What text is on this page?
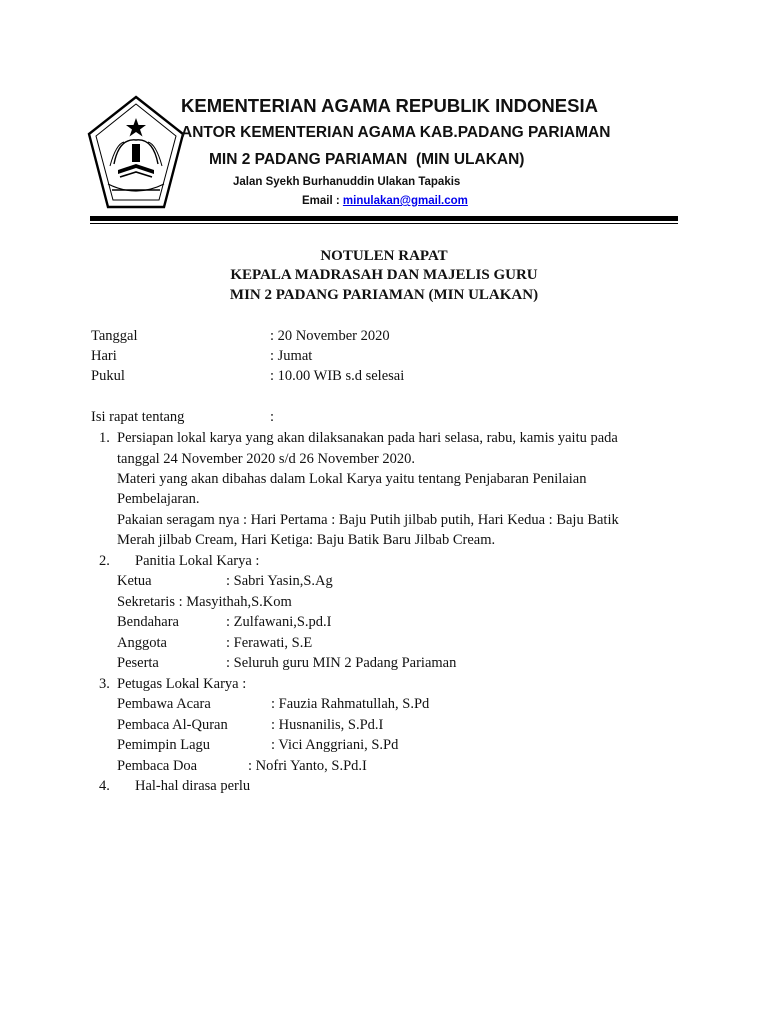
KEMENTERIAN AGAMA REPUBLIK INDONESIA
ANTOR KEMENTERIAN AGAMA KAB.PADANG PARIAMAN
MIN 2 PADANG PARIAMAN  (MIN ULAKAN)
Jalan Syekh Burhanuddin Ulakan Tapakis
Email : minulakan@gmail.com
NOTULEN RAPAT
KEPALA MADRASAH DAN MAJELIS GURU
MIN 2 PADANG PARIAMAN (MIN ULAKAN)
Tanggal	: 20 November 2020
Hari	: Jumat
Pukul	: 10.00 WIB s.d selesai
Isi rapat tentang	:
1. Persiapan lokal karya yang akan dilaksanakan pada hari selasa, rabu, kamis yaitu pada
tanggal 24 November 2020 s/d 26 November 2020.
Materi yang akan dibahas dalam Lokal Karya yaitu tentang Penjabaran Penilaian
Pembelajaran.
Pakaian seragam nya : Hari Pertama : Baju Putih jilbab putih, Hari Kedua : Baju Batik
Merah jilbab Cream, Hari Ketiga: Baju Batik Baru Jilbab Cream.
2. Panitia Lokal Karya :
Ketua	: Sabri Yasin,S.Ag
Sekretaris : Masyithah,S.Kom
Bendahara	: Zulfawani,S.pd.I
Anggota	: Ferawati, S.E
Peserta	: Seluruh guru MIN 2 Padang Pariaman
3. Petugas Lokal Karya :
Pembawa Acara	: Fauzia Rahmatullah, S.Pd
Pembaca Al-Quran	: Husnanilis, S.Pd.I
Pemimpin Lagu	: Vici Anggriani, S.Pd
Pembaca Doa	: Nofri Yanto, S.Pd.I
4. Hal-hal dirasa perlu
